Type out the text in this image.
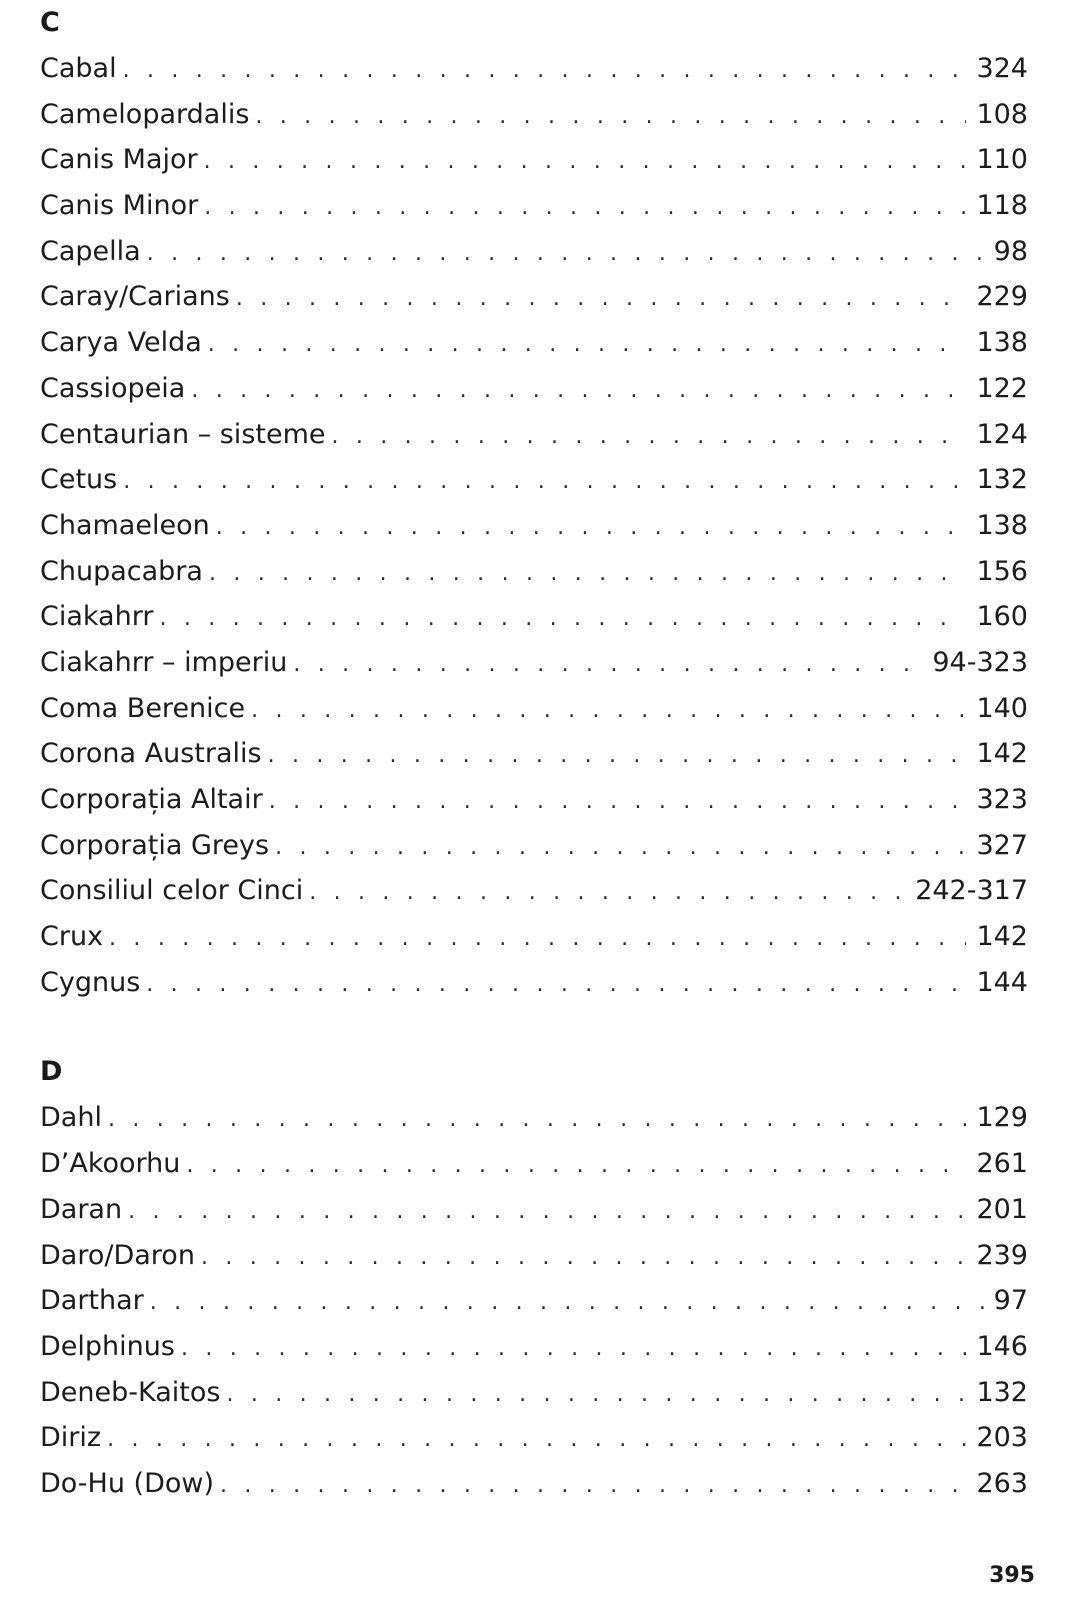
C
Cabal . . .	324
Camelopardalis . . .	108
Canis Major . . .	110
Canis Minor . . .	118
Capella . . .	98
Caray/Carians . . .	229
Carya Velda . . .	138
Cassiopeia . . .	122
Centaurian – sisteme . . .	124
Cetus . . .	132
Chamaeleon . . .	138
Chupacabra . . .	156
Ciakahrr . . .	160
Ciakahrr – imperiu . . .	94-323
Coma Berenice . . .	140
Corona Australis . . .	142
Corporația Altair . . .	323
Corporația Greys . . .	327
Consiliul celor Cinci . . .	242-317
Crux . . .	142
Cygnus . . .	144
D
Dahl . . .	129
D’Akoorhu . . .	261
Daran . . .	201
Daro/Daron . . .	239
Darthar . . .	97
Delphinus . . .	146
Deneb-Kaitos . . .	132
Diriz . . .	203
Do-Hu (Dow) . . .	263
395
